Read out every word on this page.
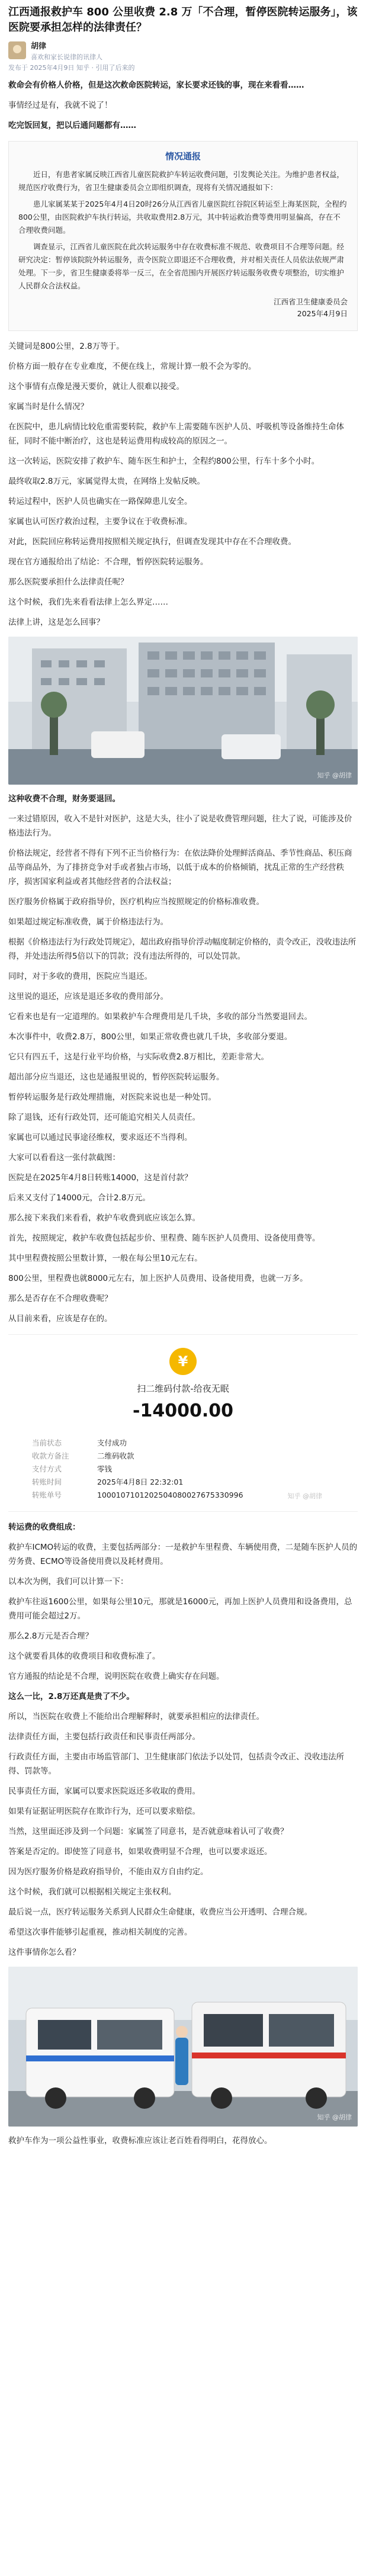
江西通报救护车 800 公里收费 2.8 万「不合理，暂停医院转运服务」，该医院要承担怎样的法律责任？
胡律
喜欢和家长说律的讯律人
发布于 2025年4月9日 知乎 · 引用了后来的

救命会有价格人价格，但是这次救命医院转运，家长要求还钱的事，现在来看看……

事情经过是有，我就不说了！

吃完饭回复，把以后通问题都有……

情况通报

近日，有患者家属反映江西省儿童医院救护车转运收费问题，引发舆论关注。为维护患者权益，规范医疗收费行为，省卫生健康委员会立即组织调查，现将有关情况通报如下：

患儿家属某某于2025年4月4日20时26分从江西省儿童医院红谷院区转运至上海某医院，全程约800公里，由医院救护车执行转运，共收取费用2.8万元，其中转运救治费等费用明显偏高，存在不合理收费问题。

调查显示，江西省儿童医院在此次转运服务中存在收费标准不规范、收费项目不合理等问题。经研究决定：暂停该院院外转运服务，责令医院立即退还不合理收费，并对相关责任人员依法依规严肃处理。下一步，省卫生健康委将举一反三，在全省范围内开展医疗转运服务收费专项整治，切实维护人民群众合法权益。

江西省卫生健康委员会
2025年4月9日

关键词是800公里，2.8万等于。

价格方面一般存在专业难度，不便在线上，常规计算一般不会为零的。

这个事情有点像是漫天要价，就让人很难以接受。

家属当时是什么情况？

在医院中，患儿病情比较危重需要转院，救护车上需要随车医护人员、呼吸机等设备维持生命体征，同时不能中断治疗，这也是转运费用构成较高的原因之一。

这一次转运，医院安排了救护车、随车医生和护士，全程约800公里，行车十多个小时。

最终收取2.8万元，家属觉得太贵，在网络上发帖反映。

转运过程中，医护人员也确实在一路保障患儿安全。

家属也认可医疗救治过程，主要争议在于收费标准。

对此，医院回应称转运费用按照相关规定执行，但调查发现其中存在不合理收费。

现在官方通报给出了结论：不合理，暂停医院转运服务。

那么医院要承担什么法律责任呢？

这个时候，我们先来看看法律上怎么界定……

法律上讲，这是怎么回事？

知乎 @胡律

这种收费不合理，财务要退回。

一来过错原因，收入不是针对医护，这是大头，往小了说是收费管理问题，往大了说，可能涉及价格违法行为。

价格法规定，经营者不得有下列不正当价格行为：在依法降价处理鲜活商品、季节性商品、积压商品等商品外，为了排挤竞争对手或者独占市场，以低于成本的价格倾销，扰乱正常的生产经营秩序，损害国家利益或者其他经营者的合法权益；

医疗服务价格属于政府指导价，医疗机构应当按照规定的价格标准收费。

如果超过规定标准收费，属于价格违法行为。

根据《价格违法行为行政处罚规定》，超出政府指导价浮动幅度制定价格的，责令改正，没收违法所得，并处违法所得5倍以下的罚款；没有违法所得的，可以处罚款。

同时，对于多收的费用，医院应当退还。

这里说的退还，应该是退还多收的费用部分。

它看来也是有一定道理的。如果救护车合理费用是几千块，多收的部分当然要退回去。

本次事件中，收费2.8万，800公里，如果正常收费也就几千块，多收部分要退。

它只有四五千，这是行业平均价格，与实际收费2.8万相比，差距非常大。

超出部分应当退还，这也是通报里说的，暂停医院转运服务。

暂停转运服务是行政处理措施，对医院来说也是一种处罚。

除了退钱，还有行政处罚，还可能追究相关人员责任。

家属也可以通过民事途径维权，要求返还不当得利。

大家可以看看这一张付款截图：

医院是在2025年4月8日转账14000，这是首付款？

后来又支付了14000元，合计2.8万元。

那么接下来我们来看看，救护车收费到底应该怎么算。

首先，按照规定，救护车收费包括起步价、里程费、随车医护人员费用、设备使用费等。

其中里程费按照公里数计算，一般在每公里10元左右。

800公里，里程费也就8000元左右，加上医护人员费用、设备使用费，也就一万多。

那么是否存在不合理收费呢？

从目前来看，应该是存在的。

¥
扫二维码付款-给夜无眠
-14000.00
当前状态	支付成功
收款方备注	二维码收款
支付方式	零钱
转账时间	2025年4月8日 22:32:01
转账单号	1000107101202504080027675330996	知乎 @胡律

转运费的收费组成：

救护车ICMO转运的收费，主要包括两部分：一是救护车里程费、车辆使用费，二是随车医护人员的劳务费、ECMO等设备使用费以及耗材费用。

以本次为例，我们可以计算一下：

救护车往返1600公里，如果每公里10元，那就是16000元，再加上医护人员费用和设备费用，总费用可能会超过2万。

那么2.8万元是否合理？

这个就要看具体的收费项目和收费标准了。

官方通报的结论是不合理，说明医院在收费上确实存在问题。

这么一比，2.8万还真是贵了不少。

所以，当医院在收费上不能给出合理解释时，就要承担相应的法律责任。

法律责任方面，主要包括行政责任和民事责任两部分。

行政责任方面，主要由市场监管部门、卫生健康部门依法予以处罚，包括责令改正、没收违法所得、罚款等。

民事责任方面，家属可以要求医院返还多收取的费用。

如果有证据证明医院存在欺诈行为，还可以要求赔偿。

当然，这里面还涉及到一个问题：家属签了同意书，是否就意味着认可了收费？

答案是否定的。即使签了同意书，如果收费明显不合理，也可以要求返还。

因为医疗服务价格是政府指导价，不能由双方自由约定。

这个时候，我们就可以根据相关规定主张权利。

最后说一点，医疗转运服务关系到人民群众生命健康，收费应当公开透明、合理合规。

希望这次事件能够引起重视，推动相关制度的完善。

这件事情你怎么看？

知乎 @胡律

救护车作为一项公益性事业，收费标准应该让老百姓看得明白，花得放心。
